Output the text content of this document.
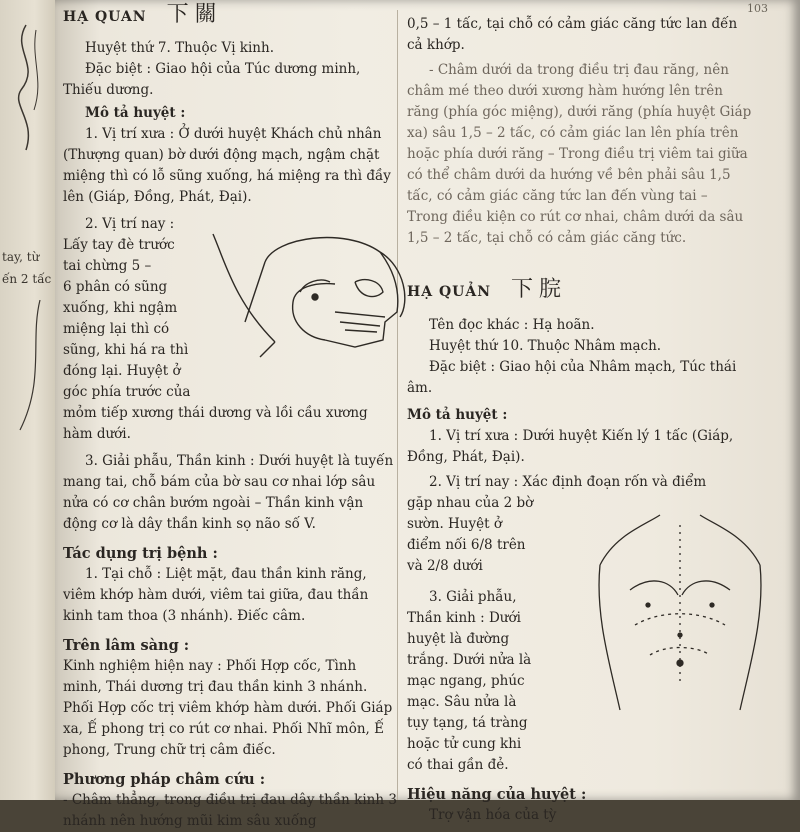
tay, từ
ến 2 tấc
103
HẠ QUAN 下關

Huyệt thứ 7. Thuộc Vị kinh.

Đặc biệt : Giao hội của Túc dương minh, Thiếu dương.

Mô tả huyệt :

1. Vị trí xưa : Ở dưới huyệt Khách chủ nhân (Thượng quan) bờ dưới động mạch, ngậm chặt miệng thì có lỗ sũng xuống, há miệng ra thì đầy lên (Giáp, Đồng, Phát, Đại).

2. Vị trí nay :

Lấy tay đè trước

tai chừng 5 –

6 phân có sũng

xuống, khi ngậm

miệng lại thì có

sũng, khi há ra thì

đóng lại. Huyệt ở

góc phía trước của

mỏm tiếp xương thái dương và lồi cầu xương hàm dưới.

3. Giải phẫu, Thần kinh : Dưới huyệt là tuyến mang tai, chỗ bám của bờ sau cơ nhai lớp sâu nửa có cơ chân bướm ngoài – Thần kinh vận động cơ là dây thần kinh sọ não số V.

Tác dụng trị bệnh :

1. Tại chỗ : Liệt mặt, đau thần kinh răng, viêm khớp hàm dưới, viêm tai giữa, đau thần kinh tam thoa (3 nhánh). Điếc câm.

Trên lâm sàng :

Kinh nghiệm hiện nay : Phối Hợp cốc, Tình minh, Thái dương trị đau thần kinh 3 nhánh. Phối Hợp cốc trị viêm khớp hàm dưới. Phối Giáp xa, Ế phong trị co rút cơ nhai. Phối Nhĩ môn, Ế phong, Trung chữ trị câm điếc.

Phương pháp châm cứu :

- Châm thẳng, trong điều trị đau dây thần kinh 3 nhánh nên hướng mũi kim sâu xuống

0,5 – 1 tấc, tại chỗ có cảm giác căng tức lan đến cả khớp.

- Châm dưới da trong điều trị đau răng, nên châm mé theo dưới xương hàm hướng lên trên răng (phía góc miệng), dưới răng (phía huyệt Giáp xa) sâu 1,5 – 2 tấc, có cảm giác lan lên phía trên hoặc phía dưới răng – Trong điều trị viêm tai giữa có thể châm dưới da hướng về bên phải sâu 1,5 tấc, có cảm giác căng tức lan đến vùng tai – Trong điều kiện co rút cơ nhai, châm dưới da sâu 1,5 – 2 tấc, tại chỗ có cảm giác căng tức.

HẠ QUẢN 下脘

Tên đọc khác : Hạ hoãn.

Huyệt thứ 10. Thuộc Nhâm mạch.

Đặc biệt : Giao hội của Nhâm mạch, Túc thái âm.

Mô tả huyệt :

1. Vị trí xưa : Dưới huyệt Kiến lý 1 tấc (Giáp, Đồng, Phát, Đại).

2. Vị trí nay : Xác định đoạn rốn và điểm

gặp nhau của 2 bờ

sườn. Huyệt ở

điểm nối 6/8 trên

và 2/8 dưới

3. Giải phẫu,

Thần kinh : Dưới

huyệt là đường

trắng. Dưới nửa là

mạc ngang, phúc

mạc. Sâu nửa là

tụy tạng, tá tràng

hoặc tử cung khi

có thai gần đẻ.

Hiệu năng của huyệt :

Trợ vận hóa của tỳ
